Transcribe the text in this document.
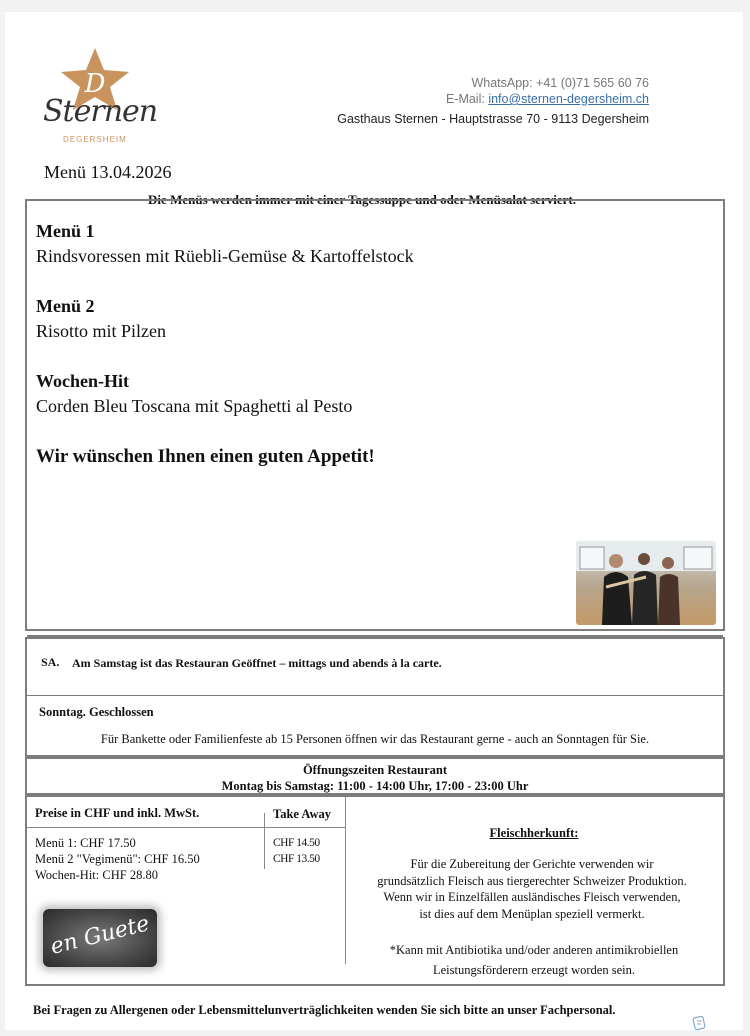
D
Sternen
DEGERSHEIM
WhatsApp: +41 (0)71 565 60 76
E-Mail: info@sternen-degersheim.ch
Gasthaus Sternen - Hauptstrasse 70 - 9113 Degersheim
Menü 13.04.2026
Die Menüs werden immer mit einer Tagessuppe und oder Menüsalat serviert.
Menü 1
Rindsvoressen mit Rüebli-Gemüse & Kartoffelstock
Menü 2
Risotto mit Pilzen
Wochen-Hit
Corden Bleu Toscana mit Spaghetti al Pesto
Wir wünschen Ihnen einen guten Appetit!
SA. Am Samstag ist das Restauran Geöffnet – mittags und abends à la carte.
Sonntag. Geschlossen
Für Bankette oder Familienfeste ab 15 Personen öffnen wir das Restaurant gerne - auch an Sonntagen für Sie.
Öffnungszeiten Restaurant
Montag bis Samstag: 11:00 - 14:00 Uhr, 17:00 - 23:00 Uhr
Preise in CHF und inkl. MwSt.	Take Away
Menü 1: CHF 17.50
Menü 2 "Vegimenü": CHF 16.50
Wochen-Hit: CHF 28.80
CHF 14.50
CHF 13.50
en Guete
Fleischherkunft:
Für die Zubereitung der Gerichte verwenden wir grundsätzlich Fleisch aus tiergerechter Schweizer Produktion. Wenn wir in Einzelfällen ausländisches Fleisch verwenden, ist dies auf dem Menüplan speziell vermerkt.
*Kann mit Antibiotika und/oder anderen antimikrobiellen
Leistungsförderern erzeugt worden sein.
Bei Fragen zu Allergenen oder Lebensmittelunverträglichkeiten wenden Sie sich bitte an unser Fachpersonal.
